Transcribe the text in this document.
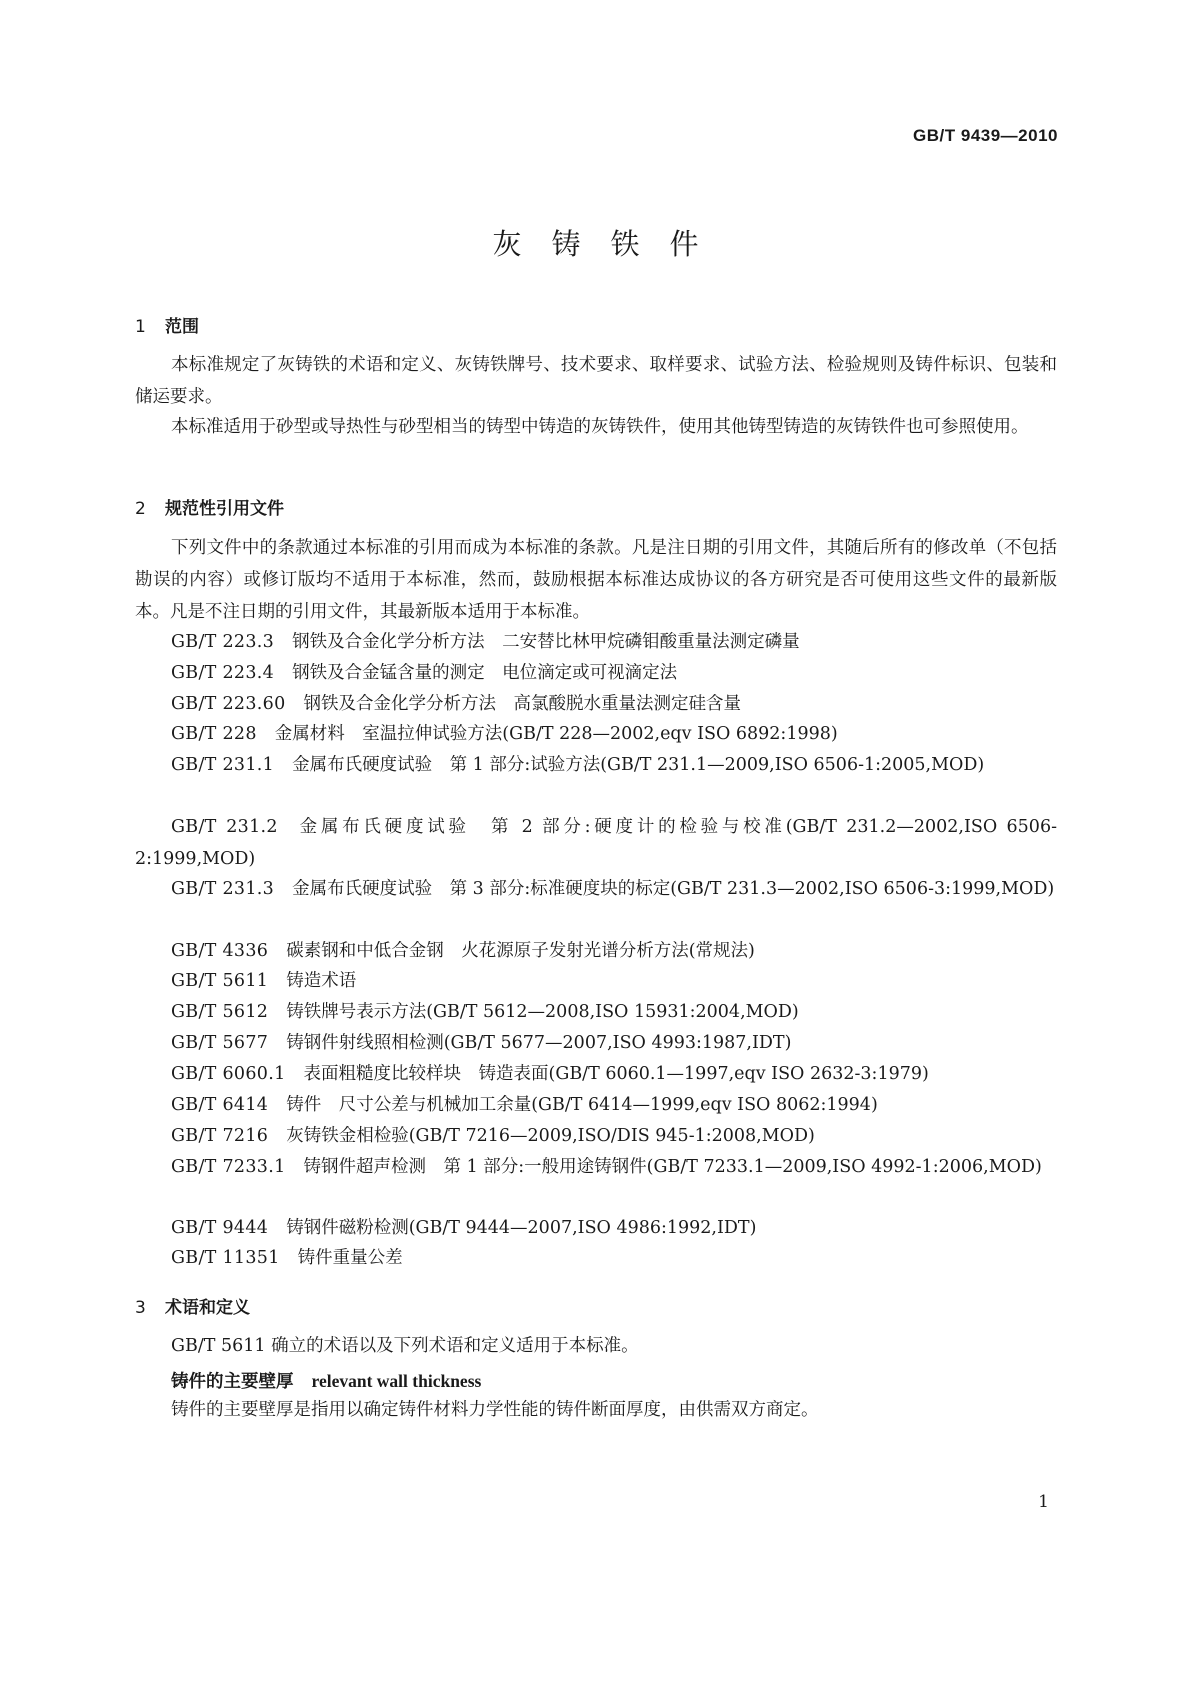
GB/T 9439—2010
灰铸铁件
1 范围
本标准规定了灰铸铁的术语和定义、灰铸铁牌号、技术要求、取样要求、试验方法、检验规则及铸件标识、包装和储运要求。
本标准适用于砂型或导热性与砂型相当的铸型中铸造的灰铸铁件，使用其他铸型铸造的灰铸铁件也可参照使用。
2 规范性引用文件
下列文件中的条款通过本标准的引用而成为本标准的条款。凡是注日期的引用文件，其随后所有的修改单（不包括勘误的内容）或修订版均不适用于本标准，然而，鼓励根据本标准达成协议的各方研究是否可使用这些文件的最新版本。凡是不注日期的引用文件，其最新版本适用于本标准。
GB/T 223.3 钢铁及合金化学分析方法　二安替比林甲烷磷钼酸重量法测定磷量
GB/T 223.4 钢铁及合金锰含量的测定　电位滴定或可视滴定法
GB/T 223.60 钢铁及合金化学分析方法　高氯酸脱水重量法测定硅含量
GB/T 228 金属材料　室温拉伸试验方法(GB/T 228—2002,eqv ISO 6892:1998)
GB/T 231.1 金属布氏硬度试验　第 1 部分:试验方法(GB/T 231.1—2009,ISO 6506-1:2005,MOD)
GB/T 231.2 金属布氏硬度试验　第 2 部分:硬度计的检验与校准(GB/T 231.2—2002,ISO 6506-2:1999,MOD)
GB/T 231.3 金属布氏硬度试验　第 3 部分:标准硬度块的标定(GB/T 231.3—2002,ISO 6506-3:1999,MOD)
GB/T 4336 碳素钢和中低合金钢　火花源原子发射光谱分析方法(常规法)
GB/T 5611 铸造术语
GB/T 5612 铸铁牌号表示方法(GB/T 5612—2008,ISO 15931:2004,MOD)
GB/T 5677 铸钢件射线照相检测(GB/T 5677—2007,ISO 4993:1987,IDT)
GB/T 6060.1 表面粗糙度比较样块　铸造表面(GB/T 6060.1—1997,eqv ISO 2632-3:1979)
GB/T 6414 铸件　尺寸公差与机械加工余量(GB/T 6414—1999,eqv ISO 8062:1994)
GB/T 7216 灰铸铁金相检验(GB/T 7216—2009,ISO/DIS 945-1:2008,MOD)
GB/T 7233.1 铸钢件超声检测　第 1 部分:一般用途铸钢件(GB/T 7233.1—2009,ISO 4992-1:2006,MOD)
GB/T 9444 铸钢件磁粉检测(GB/T 9444—2007,ISO 4986:1992,IDT)
GB/T 11351 铸件重量公差
3 术语和定义
GB/T 5611 确立的术语以及下列术语和定义适用于本标准。
铸件的主要壁厚 relevant wall thickness
铸件的主要壁厚是指用以确定铸件材料力学性能的铸件断面厚度，由供需双方商定。
1
